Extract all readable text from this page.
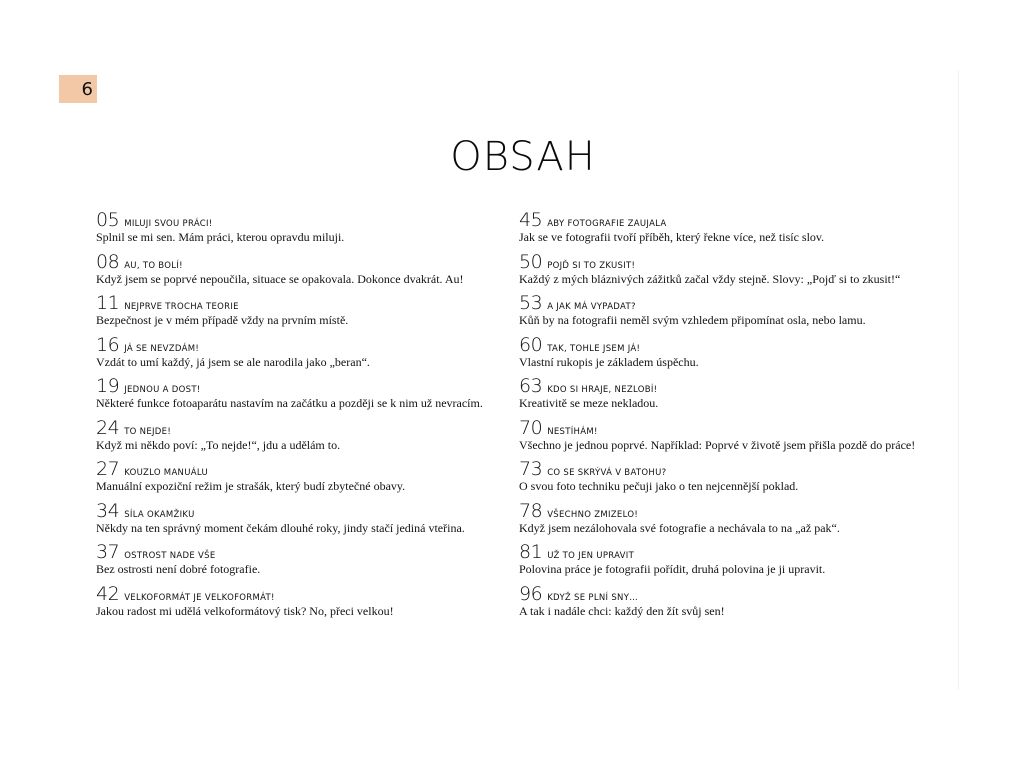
6
OBSAH
05 MILUJI SVOU PRÁCI!
Splnil se mi sen. Mám práci, kterou opravdu miluji.
08 AU, TO BOLÍ!
Když jsem se poprvé nepoučila, situace se opakovala. Dokonce dvakrát. Au!
11 NEJPRVE TROCHA TEORIE
Bezpečnost je v mém případě vždy na prvním místě.
16 JÁ SE NEVZDÁM!
Vzdát to umí každý, já jsem se ale narodila jako „beran“.
19 JEDNOU A DOST!
Některé funkce fotoaparátu nastavím na začátku a později se k nim už nevracím.
24 TO NEJDE!
Když mi někdo poví: „To nejde!“, jdu a udělám to.
27 KOUZLO MANUÁLU
Manuální expoziční režim je strašák, který budí zbytečné obavy.
34 SÍLA OKAMŽIKU
Někdy na ten správný moment čekám dlouhé roky, jindy stačí jediná vteřina.
37 OSTROST NADE VŠE
Bez ostrosti není dobré fotografie.
42 VELKOFORMÁT JE VELKOFORMÁT!
Jakou radost mi udělá velkoformátový tisk? No, přeci velkou!
45 ABY FOTOGRAFIE ZAUJALA
Jak se ve fotografii tvoří příběh, který řekne více, než tisíc slov.
50 POJĎ SI TO ZKUSIT!
Každý z mých bláznivých zážitků začal vždy stejně. Slovy: „Pojď si to zkusit!“
53 A JAK MÁ VYPADAT?
Kůň by na fotografii neměl svým vzhledem připomínat osla, nebo lamu.
60 TAK, TOHLE JSEM JÁ!
Vlastní rukopis je základem úspěchu.
63 KDO SI HRAJE, NEZLOBÍ!
Kreativitě se meze nekladou.
70 NESTÍHÁM!
Všechno je jednou poprvé. Například: Poprvé v životě jsem přišla pozdě do práce!
73 CO SE SKRÝVÁ V BATOHU?
O svou foto techniku pečuji jako o ten nejcennější poklad.
78 VŠECHNO ZMIZELO!
Když jsem nezálohovala své fotografie a nechávala to na „až pak“.
81 UŽ TO JEN UPRAVIT
Polovina práce je fotografii pořídit, druhá polovina je ji upravit.
96 KDYŽ SE PLNÍ SNY…
A tak i nadále chci: každý den žít svůj sen!
